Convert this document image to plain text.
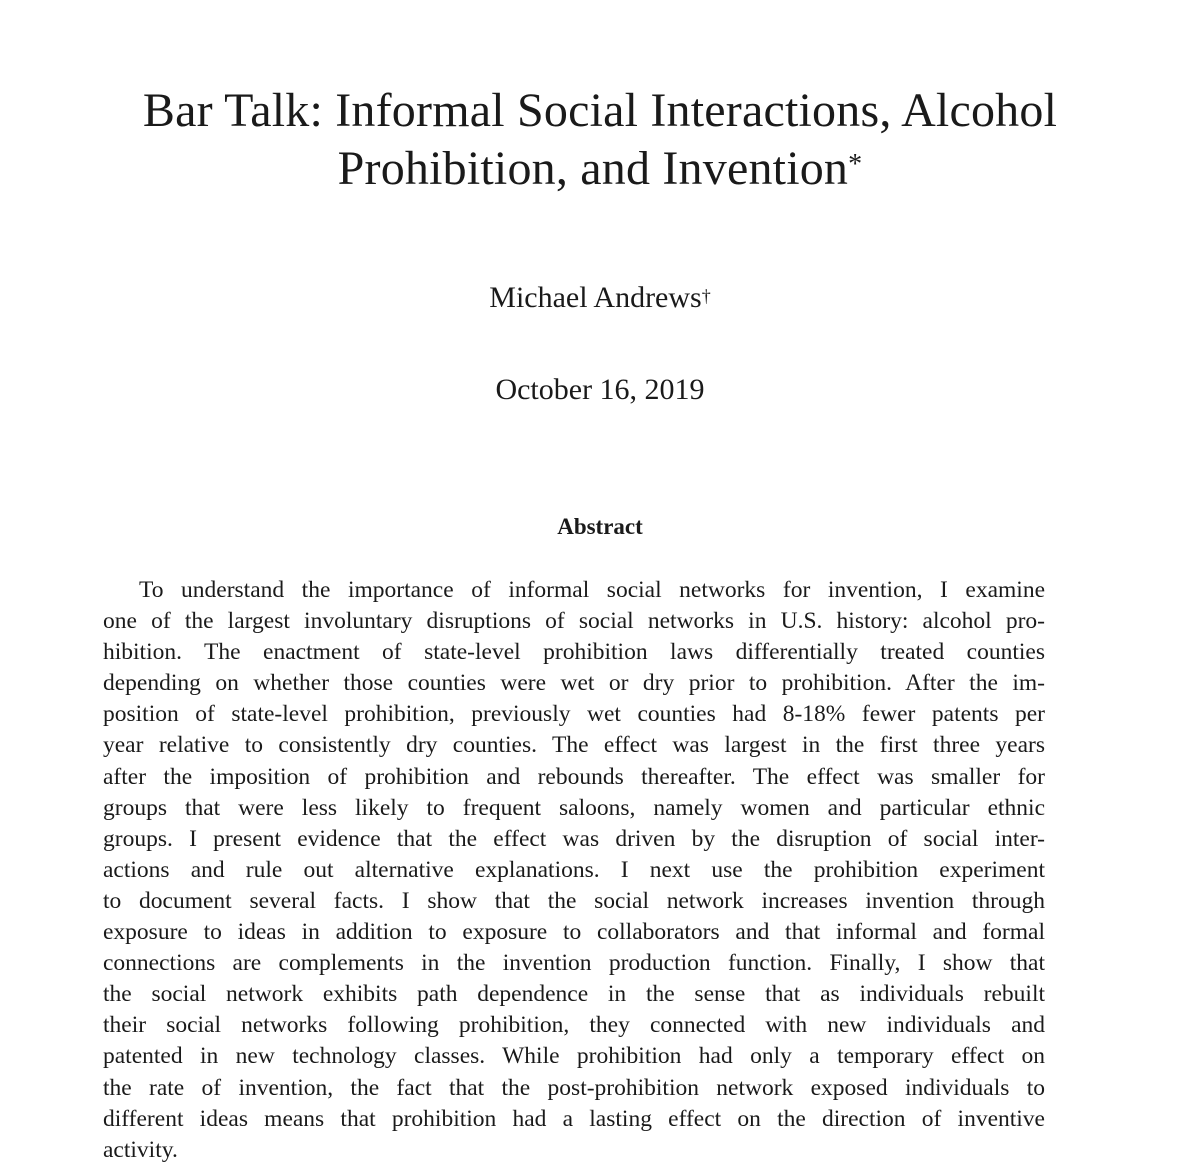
Bar Talk: Informal Social Interactions, Alcohol
Prohibition, and Invention*
Michael Andrews†
October 16, 2019
Abstract
To understand the importance of informal social networks for invention, I examine
one of the largest involuntary disruptions of social networks in U.S. history: alcohol pro-
hibition. The enactment of state-level prohibition laws differentially treated counties
depending on whether those counties were wet or dry prior to prohibition. After the im-
position of state-level prohibition, previously wet counties had 8-18% fewer patents per
year relative to consistently dry counties. The effect was largest in the first three years
after the imposition of prohibition and rebounds thereafter. The effect was smaller for
groups that were less likely to frequent saloons, namely women and particular ethnic
groups. I present evidence that the effect was driven by the disruption of social inter-
actions and rule out alternative explanations. I next use the prohibition experiment
to document several facts. I show that the social network increases invention through
exposure to ideas in addition to exposure to collaborators and that informal and formal
connections are complements in the invention production function. Finally, I show that
the social network exhibits path dependence in the sense that as individuals rebuilt
their social networks following prohibition, they connected with new individuals and
patented in new technology classes. While prohibition had only a temporary effect on
the rate of invention, the fact that the post-prohibition network exposed individuals to
different ideas means that prohibition had a lasting effect on the direction of inventive
activity.
